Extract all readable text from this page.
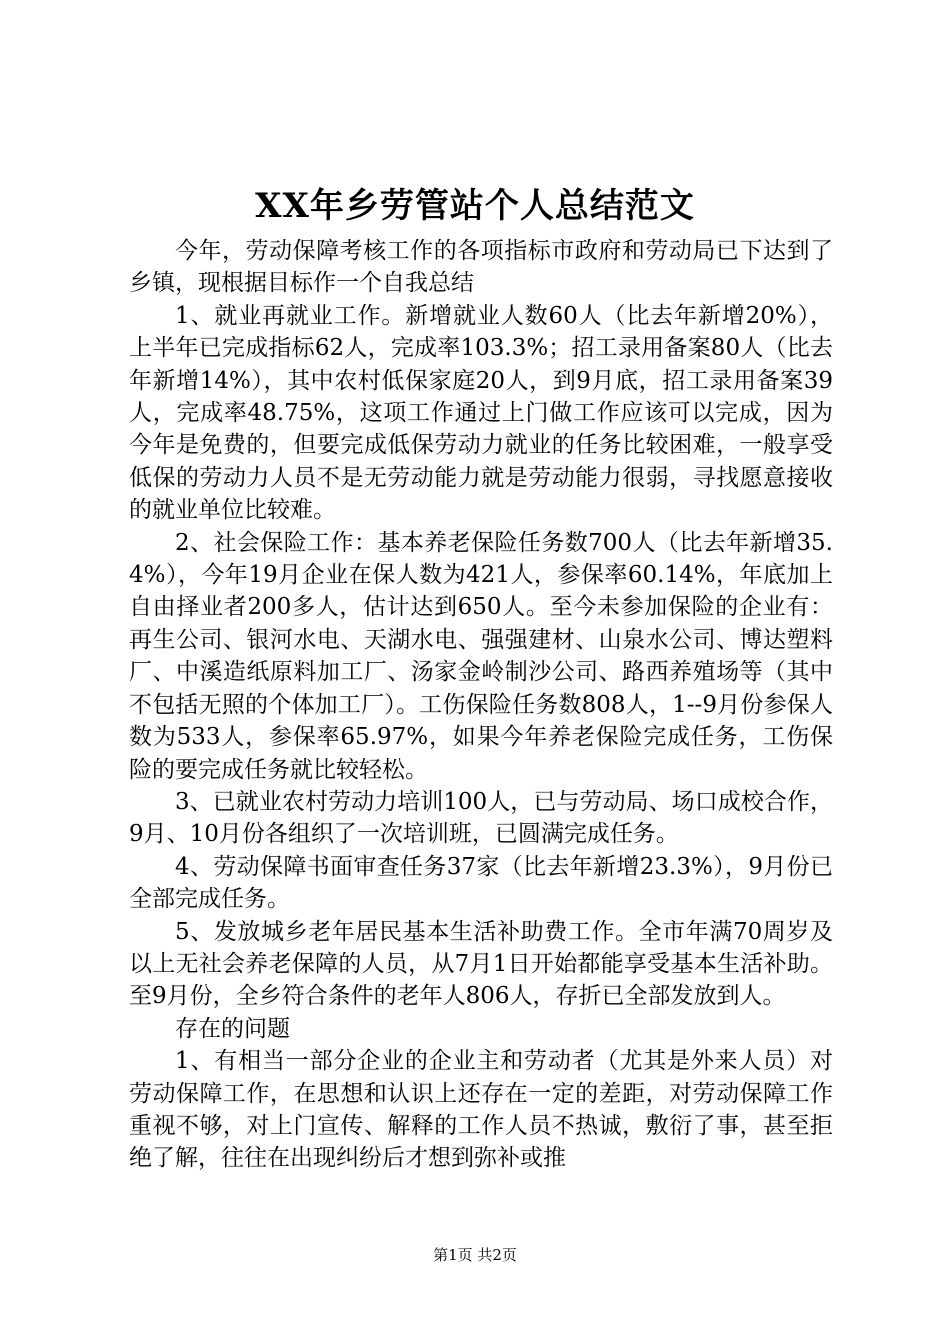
XX年乡劳管站个人总结范文

今年，劳动保障考核工作的各项指标市政府和劳动局已下达到了乡镇，现根据目标作一个自我总结

1、就业再就业工作。新增就业人数60人（比去年新增20%），上半年已完成指标62人，完成率103.3%；招工录用备案80人（比去年新增14%），其中农村低保家庭20人，到9月底，招工录用备案39人，完成率48.75%，这项工作通过上门做工作应该可以完成，因为今年是免费的，但要完成低保劳动力就业的任务比较困难，一般享受低保的劳动力人员不是无劳动能力就是劳动能力很弱，寻找愿意接收的就业单位比较难。

2、社会保险工作：基本养老保险任务数700人（比去年新增35.4%），今年19月企业在保人数为421人，参保率60.14%，年底加上自由择业者200多人，估计达到650人。至今未参加保险的企业有：再生公司、银河水电、天湖水电、强强建材、山泉水公司、博达塑料厂、中溪造纸原料加工厂、汤家金岭制沙公司、路西养殖场等（其中不包括无照的个体加工厂）。工伤保险任务数808人，1--9月份参保人数为533人，参保率65.97%，如果今年养老保险完成任务，工伤保险的要完成任务就比较轻松。

3、已就业农村劳动力培训100人，已与劳动局、场口成校合作，9月、10月份各组织了一次培训班，已圆满完成任务。

4、劳动保障书面审查任务37家（比去年新增23.3%），9月份已全部完成任务。

5、发放城乡老年居民基本生活补助费工作。全市年满70周岁及以上无社会养老保障的人员，从7月1日开始都能享受基本生活补助。至9月份，全乡符合条件的老年人806人，存折已全部发放到人。

存在的问题

1、有相当一部分企业的企业主和劳动者（尤其是外来人员）对劳动保障工作，在思想和认识上还存在一定的差距，对劳动保障工作重视不够，对上门宣传、解释的工作人员不热诚，敷衍了事，甚至拒绝了解，往往在出现纠纷后才想到弥补或推

第1页 共2页
